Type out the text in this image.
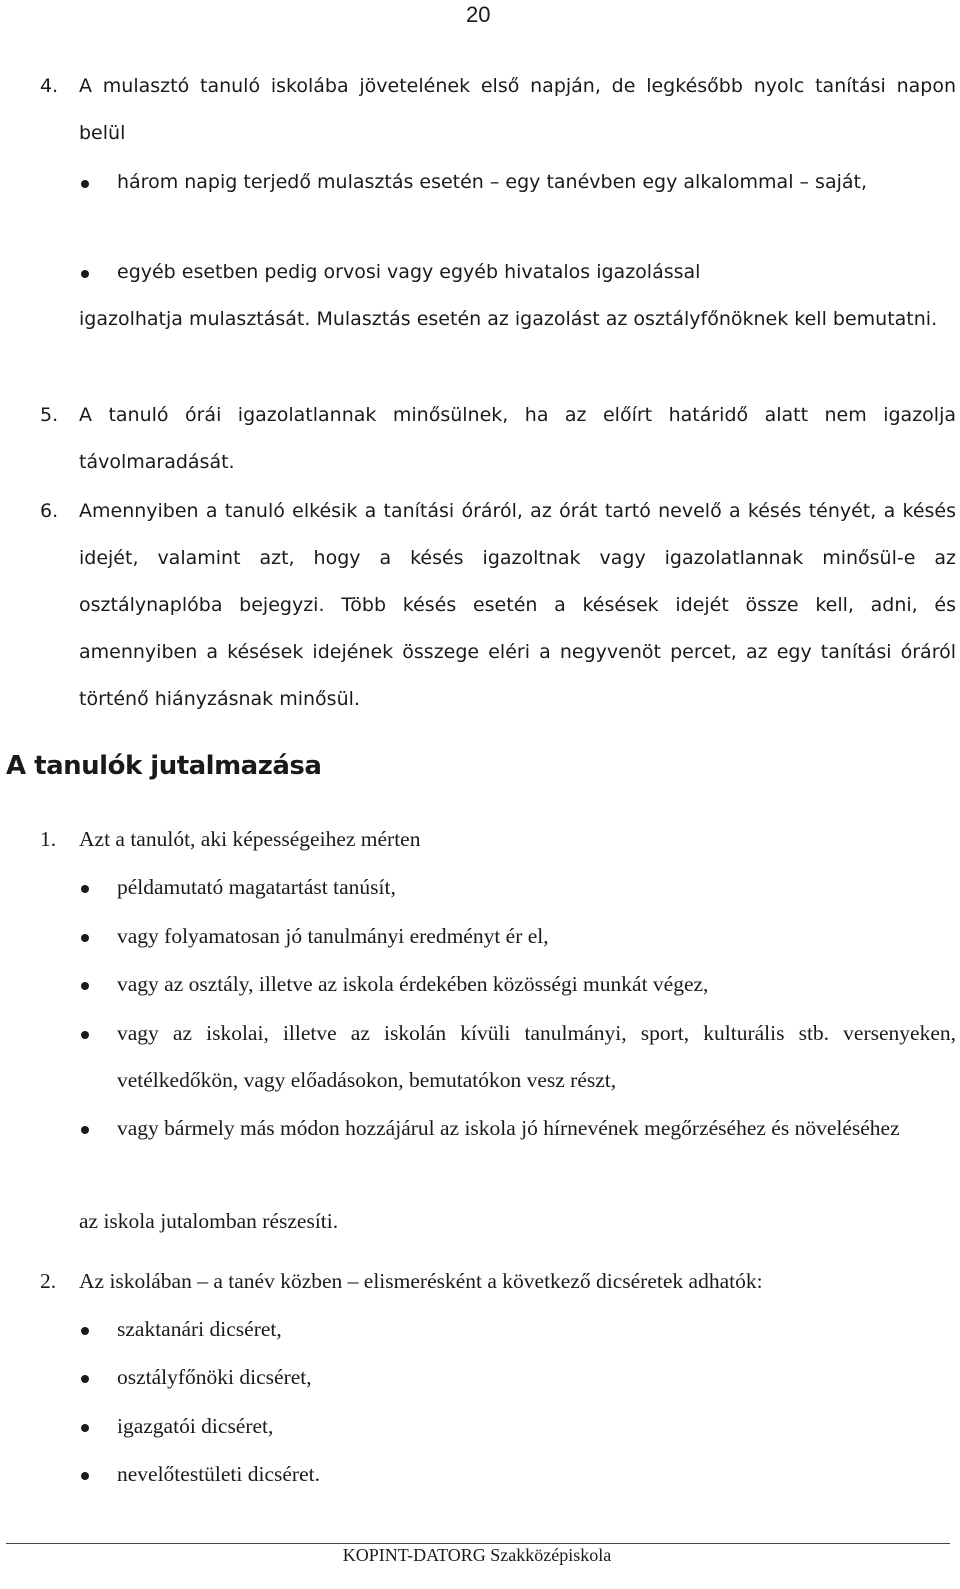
20

4.	A mulasztó tanuló iskolába jövetelének első napján, de legkésőbb nyolc tanítási napon belül

három napig terjedő mulasztás esetén – egy tanévben egy alkalommal – saját,

egyéb esetben pedig orvosi vagy egyéb hivatalos igazolással

igazolhatja mulasztását. Mulasztás esetén az igazolást az osztályfőnöknek kell bemutatni.

5.	A tanuló órái igazolatlannak minősülnek, ha az előírt határidő alatt nem igazolja távolmaradását.

6.	Amennyiben a tanuló elkésik a tanítási óráról, az órát tartó nevelő a késés tényét, a késés idejét, valamint azt, hogy a késés igazoltnak vagy igazolatlannak minősül-e az osztálynaplóba bejegyzi. Több késés esetén a késések idejét össze kell, adni, és amennyiben a késések idejének összege eléri a negyvenöt percet, az egy tanítási óráról történő hiányzásnak minősül.

A tanulók jutalmazása

1.	Azt a tanulót, aki képességeihez mérten

példamutató magatartást tanúsít,

vagy folyamatosan jó tanulmányi eredményt ér el,

vagy az osztály, illetve az iskola érdekében közösségi munkát végez,

vagy az iskolai, illetve az iskolán kívüli tanulmányi, sport, kulturális stb. versenyeken, vetélkedőkön, vagy előadásokon, bemutatókon vesz részt,

vagy bármely más módon hozzájárul az iskola jó hírnevének megőrzéséhez és növeléséhez

az iskola jutalomban részesíti.

2.	Az iskolában – a tanév közben – elismerésként a következő dicséretek adhatók:

szaktanári dicséret,

osztályfőnöki dicséret,

igazgatói dicséret,

nevelőtestületi dicséret.

KOPINT-DATORG Szakközépiskola
